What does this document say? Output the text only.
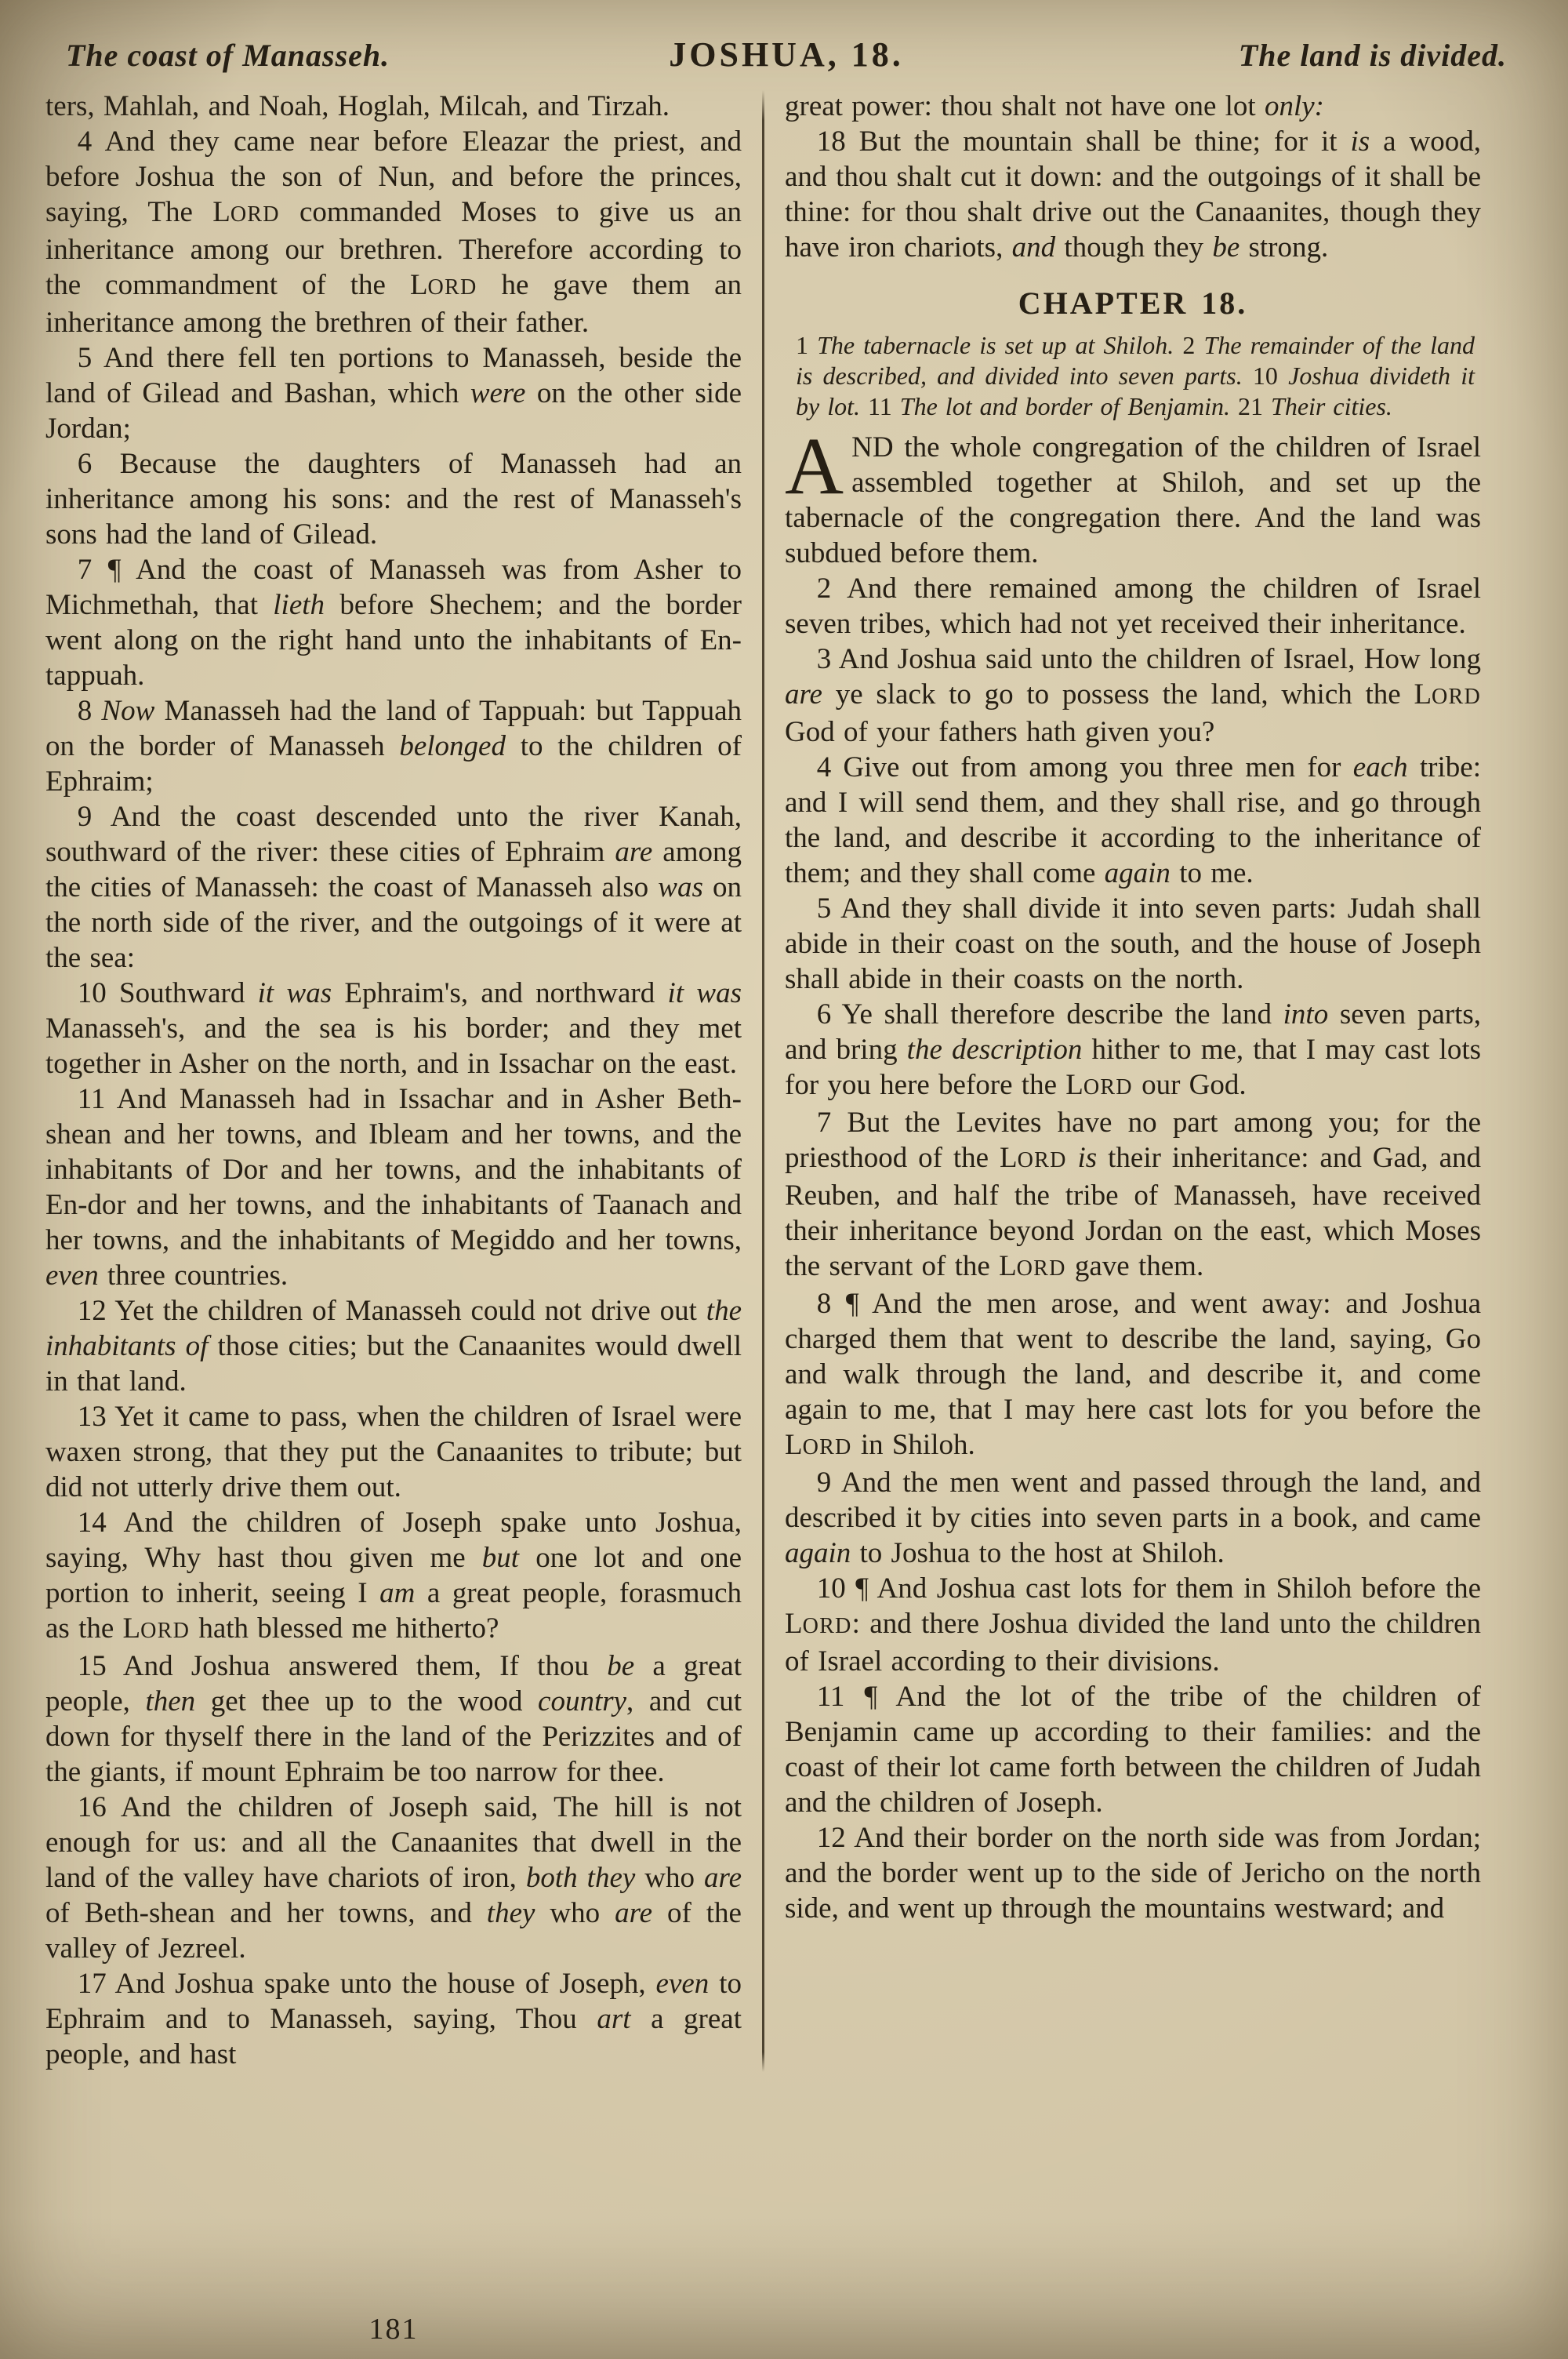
The coast of Manasseh.	JOSHUA, 18.	The land is divided.

ters, Mahlah, and Noah, Hoglah, Milcah, and Tirzah.

4 And they came near before Eleazar the priest, and before Joshua the son of Nun, and before the princes, saying, The LORD commanded Moses to give us an inheritance among our brethren. Therefore according to the commandment of the LORD he gave them an inheritance among the brethren of their father.

5 And there fell ten portions to Manasseh, beside the land of Gilead and Bashan, which were on the other side Jordan;

6 Because the daughters of Manasseh had an inheritance among his sons: and the rest of Manasseh's sons had the land of Gilead.

7 ¶ And the coast of Manasseh was from Asher to Michmethah, that lieth before Shechem; and the border went along on the right hand unto the inhabitants of En-tappuah.

8 Now Manasseh had the land of Tappuah: but Tappuah on the border of Manasseh belonged to the children of Ephraim;

9 And the coast descended unto the river Kanah, southward of the river: these cities of Ephraim are among the cities of Manasseh: the coast of Manasseh also was on the north side of the river, and the outgoings of it were at the sea:

10 Southward it was Ephraim's, and northward it was Manasseh's, and the sea is his border; and they met together in Asher on the north, and in Issachar on the east.

11 And Manasseh had in Issachar and in Asher Beth-shean and her towns, and Ibleam and her towns, and the inhabitants of Dor and her towns, and the inhabitants of En-dor and her towns, and the inhabitants of Taanach and her towns, and the inhabitants of Megiddo and her towns, even three countries.

12 Yet the children of Manasseh could not drive out the inhabitants of those cities; but the Canaanites would dwell in that land.

13 Yet it came to pass, when the children of Israel were waxen strong, that they put the Canaanites to tribute; but did not utterly drive them out.

14 And the children of Joseph spake unto Joshua, saying, Why hast thou given me but one lot and one portion to inherit, seeing I am a great people, forasmuch as the LORD hath blessed me hitherto?

15 And Joshua answered them, If thou be a great people, then get thee up to the wood country, and cut down for thyself there in the land of the Perizzites and of the giants, if mount Ephraim be too narrow for thee.

16 And the children of Joseph said, The hill is not enough for us: and all the Canaanites that dwell in the land of the valley have chariots of iron, both they who are of Beth-shean and her towns, and they who are of the valley of Jezreel.

17 And Joshua spake unto the house of Joseph, even to Ephraim and to Manasseh, saying, Thou art a great people, and hast

great power: thou shalt not have one lot only:

18 But the mountain shall be thine; for it is a wood, and thou shalt cut it down: and the outgoings of it shall be thine: for thou shalt drive out the Canaanites, though they have iron chariots, and though they be strong.

CHAPTER 18.

1 The tabernacle is set up at Shiloh. 2 The remainder of the land is described, and divided into seven parts. 10 Joshua divideth it by lot. 11 The lot and border of Benjamin. 21 Their cities.

AND the whole congregation of the children of Israel assembled together at Shiloh, and set up the tabernacle of the congregation there. And the land was subdued before them.

2 And there remained among the children of Israel seven tribes, which had not yet received their inheritance.

3 And Joshua said unto the children of Israel, How long are ye slack to go to possess the land, which the LORD God of your fathers hath given you?

4 Give out from among you three men for each tribe: and I will send them, and they shall rise, and go through the land, and describe it according to the inheritance of them; and they shall come again to me.

5 And they shall divide it into seven parts: Judah shall abide in their coast on the south, and the house of Joseph shall abide in their coasts on the north.

6 Ye shall therefore describe the land into seven parts, and bring the description hither to me, that I may cast lots for you here before the LORD our God.

7 But the Levites have no part among you; for the priesthood of the LORD is their inheritance: and Gad, and Reuben, and half the tribe of Manasseh, have received their inheritance beyond Jordan on the east, which Moses the servant of the LORD gave them.

8 ¶ And the men arose, and went away: and Joshua charged them that went to describe the land, saying, Go and walk through the land, and describe it, and come again to me, that I may here cast lots for you before the LORD in Shiloh.

9 And the men went and passed through the land, and described it by cities into seven parts in a book, and came again to Joshua to the host at Shiloh.

10 ¶ And Joshua cast lots for them in Shiloh before the LORD: and there Joshua divided the land unto the children of Israel according to their divisions.

11 ¶ And the lot of the tribe of the children of Benjamin came up according to their families: and the coast of their lot came forth between the children of Judah and the children of Joseph.

12 And their border on the north side was from Jordan; and the border went up to the side of Jericho on the north side, and went up through the mountains westward; and

181
